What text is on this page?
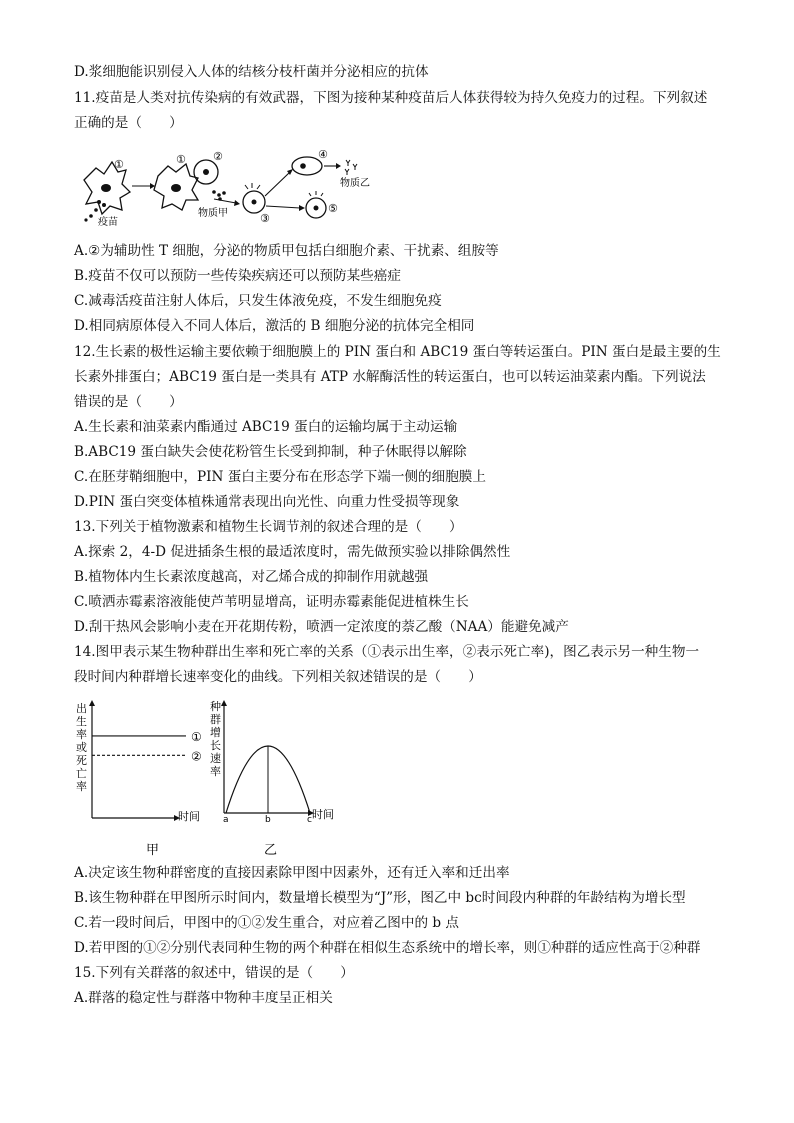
D.浆细胞能识别侵入人体的结核分枝杆菌并分泌相应的抗体
11.疫苗是人类对抗传染病的有效武器，下图为接种某种疫苗后人体获得较为持久免疫力的过程。下列叙述
正确的是（　　）
①
疫苗
① ②
物质甲	③
④
物质乙
⑤
A.②为辅助性 T 细胞，分泌的物质甲包括白细胞介素、干扰素、组胺等
B.疫苗不仅可以预防一些传染疾病还可以预防某些癌症
C.减毒活疫苗注射人体后，只发生体液免疫，不发生细胞免疫
D.相同病原体侵入不同人体后，激活的 B 细胞分泌的抗体完全相同
12.生长素的极性运输主要依赖于细胞膜上的 PIN 蛋白和 ABC19 蛋白等转运蛋白。PIN 蛋白是最主要的生
长素外排蛋白；ABC19 蛋白是一类具有 ATP 水解酶活性的转运蛋白，也可以转运油菜素内酯。下列说法
错误的是（　　）
A.生长素和油菜素内酯通过 ABC19 蛋白的运输均属于主动运输
B.ABC19 蛋白缺失会使花粉管生长受到抑制，种子休眠得以解除
C.在胚芽鞘细胞中，PIN 蛋白主要分布在形态学下端一侧的细胞膜上
D.PIN 蛋白突变体植株通常表现出向光性、向重力性受损等现象
13.下列关于植物激素和植物生长调节剂的叙述合理的是（　　）
A.探索 2，4-D 促进插条生根的最适浓度时，需先做预实验以排除偶然性
B.植物体内生长素浓度越高，对乙烯合成的抑制作用就越强
C.喷洒赤霉素溶液能使芦苇明显增高，证明赤霉素能促进植株生长
D.刮干热风会影响小麦在开花期传粉，喷洒一定浓度的萘乙酸（NAA）能避免减产
14.图甲表示某生物种群出生率和死亡率的关系（①表示出生率，②表示死亡率)，图乙表示另一种生物一
段时间内种群增长速率变化的曲线。下列相关叙述错误的是（　　）
出
生
率
或
死
亡
率
时间
①
②
甲
种
群
增
长
速
率
时间
a	b	c
乙
A.决定该生物种群密度的直接因素除甲图中因素外，还有迁入率和迁出率
B.该生物种群在甲图所示时间内，数量增长模型为“J”形，图乙中 bc时间段内种群的年龄结构为增长型
C.若一段时间后，甲图中的①②发生重合，对应着乙图中的 b 点
D.若甲图的①②分别代表同种生物的两个种群在相似生态系统中的增长率，则①种群的适应性高于②种群
15.下列有关群落的叙述中，错误的是（　　）
A.群落的稳定性与群落中物种丰度呈正相关
